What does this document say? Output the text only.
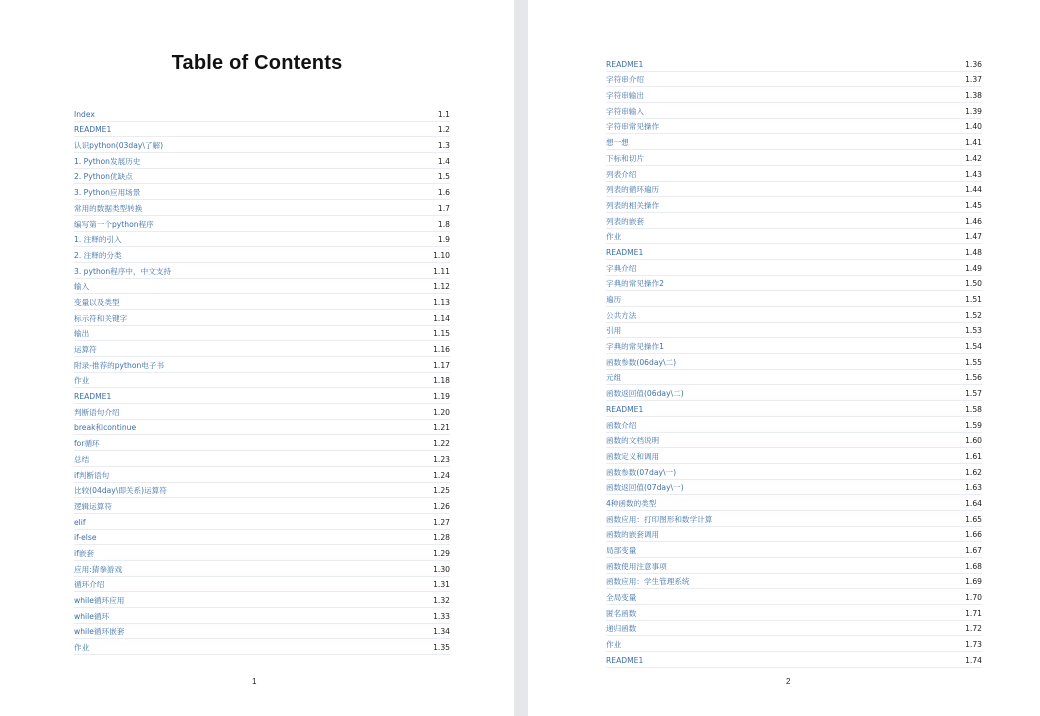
Table of Contents
Index	1.1
README1	1.2
认识python(03day\了解)	1.3
1. Python发展历史	1.4
2. Python优缺点	1.5
3. Python应用场景	1.6
常用的数据类型转换	1.7
编写第一个python程序	1.8
1. 注释的引入	1.9
2. 注释的分类	1.10
3. python程序中，中文支持	1.11
输入	1.12
变量以及类型	1.13
标示符和关键字	1.14
输出	1.15
运算符	1.16
附录-推荐的python电子书	1.17
作业	1.18
README1	1.19
判断语句介绍	1.20
break和continue	1.21
for循环	1.22
总结	1.23
if判断语句	1.24
比较(04day\即关系)运算符	1.25
逻辑运算符	1.26
elif	1.27
if-else	1.28
if嵌套	1.29
应用:猜拳游戏	1.30
循环介绍	1.31
while循环应用	1.32
while循环	1.33
while循环嵌套	1.34
作业	1.35
1
README1	1.36
字符串介绍	1.37
字符串输出	1.38
字符串输入	1.39
字符串常见操作	1.40
想一想	1.41
下标和切片	1.42
列表介绍	1.43
列表的循环遍历	1.44
列表的相关操作	1.45
列表的嵌套	1.46
作业	1.47
README1	1.48
字典介绍	1.49
字典的常见操作2	1.50
遍历	1.51
公共方法	1.52
引用	1.53
字典的常见操作1	1.54
函数参数(06day\二)	1.55
元组	1.56
函数返回值(06day\二)	1.57
README1	1.58
函数介绍	1.59
函数的文档说明	1.60
函数定义和调用	1.61
函数参数(07day\一)	1.62
函数返回值(07day\一)	1.63
4种函数的类型	1.64
函数应用：打印图形和数学计算	1.65
函数的嵌套调用	1.66
局部变量	1.67
函数使用注意事项	1.68
函数应用：学生管理系统	1.69
全局变量	1.70
匿名函数	1.71
递归函数	1.72
作业	1.73
README1	1.74
2
